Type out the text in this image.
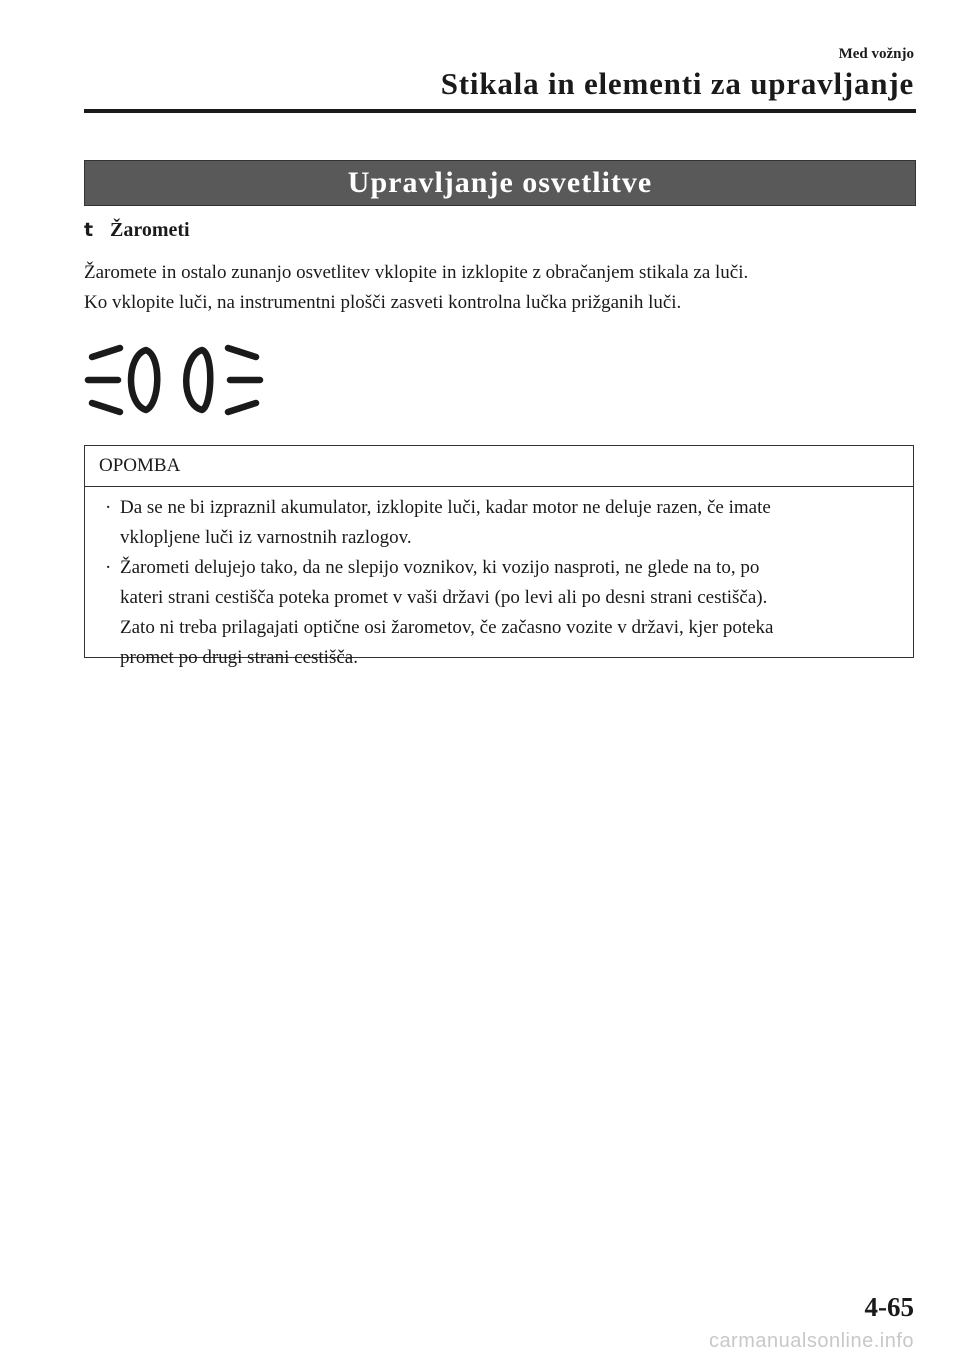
Med vožnjo
Stikala in elementi za upravljanje
Upravljanje osvetlitve
t Žarometi

Žaromete in ostalo zunanjo osvetlitev vklopite in izklopite z obračanjem stikala za luči.

Ko vklopite luči, na instrumentni plošči zasveti kontrolna lučka prižganih luči.

OPOMBA
· Da se ne bi izpraznil akumulator, izklopite luči, kadar motor ne deluje razen, če imate
vklopljene luči iz varnostnih razlogov.
· Žarometi delujejo tako, da ne slepijo voznikov, ki vozijo nasproti, ne glede na to, po
kateri strani cestišča poteka promet v vaši državi (po levi ali po desni strani cestišča).
Zato ni treba prilagajati optične osi žarometov, če začasno vozite v državi, kjer poteka
promet po drugi strani cestišča.
4-65
carmanualsonline.info
